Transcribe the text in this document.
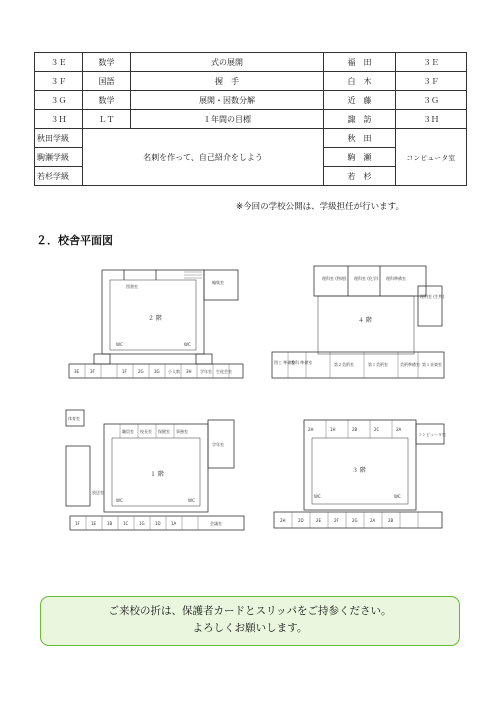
３Ｅ	数学	式の展開	福　田	３Ｅ
３Ｆ	国語	握　手	白　木	３Ｆ
３Ｇ	数学	展開・因数分解	近　藤	３Ｇ
３Ｈ	ＬＴ	１年間の目標	諏　訪	３Ｈ
秋田学級	名刺を作って、自己紹介をしよう		秋　田	コンピュータ室
駒瀬学級			駒　瀬	
若杉学級			若　杉	
※今回の学校公開は、学級担任が行います。
２．校舎平面図
２ 階
図書室
編集室
WC	WC
3E	3F	1F	2G	3G 小人数 3H 学年室 生徒会室
４ 階
理科室 (物理) 理科室 (化学) 理科準備室
理科室 (生物)
図工 準備室
教科 準備室	第２美術室	第１美術室	美術準備室 第１音楽室
１ 階
体育室
職員室 校長室 保健室 事務室
学年室
放送室
WC	WC
1F	1E	1B	1C	1G	1D	1A	会議室
３ 階
1H	2B	2C	2A
2H
コンピュータ室
WC	WC
2H	2D	2E	2F	2G	2A	2B
ご来校の折は、保護者カードとスリッパをご持参ください。
よろしくお願いします。
